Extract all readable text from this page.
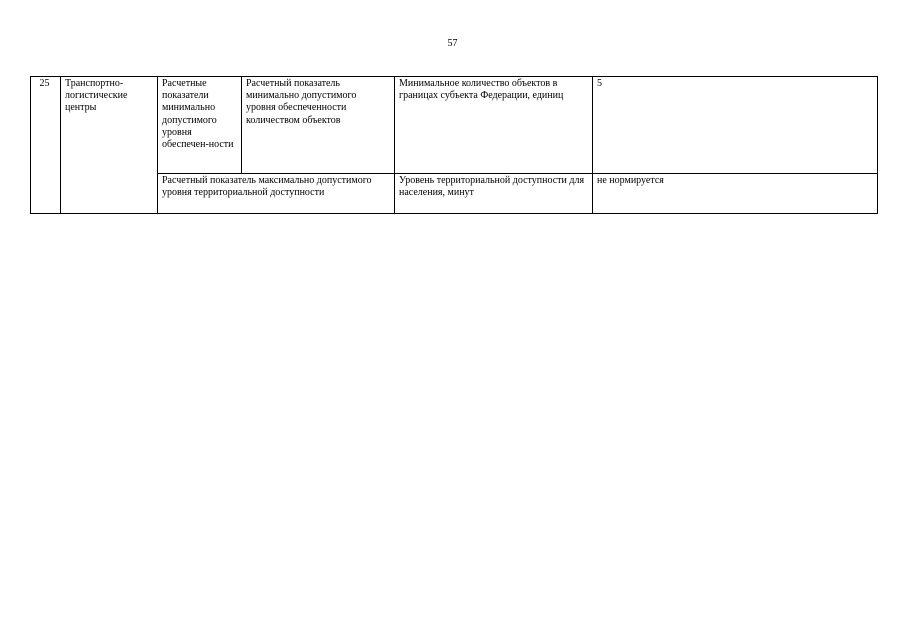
57
25	Транспортно-логистические центры	Расчетные показатели минимально допустимого уровня обеспечен-ности	Расчетный показатель минимально допустимого уровня обеспеченности количеством объектов	Минимальное количество объектов в границах субъекта Федерации, единиц	5
		Расчетный показатель максимально допустимого уровня территориальной доступности		Уровень территориальной доступности для населения, минут	не нормируется
